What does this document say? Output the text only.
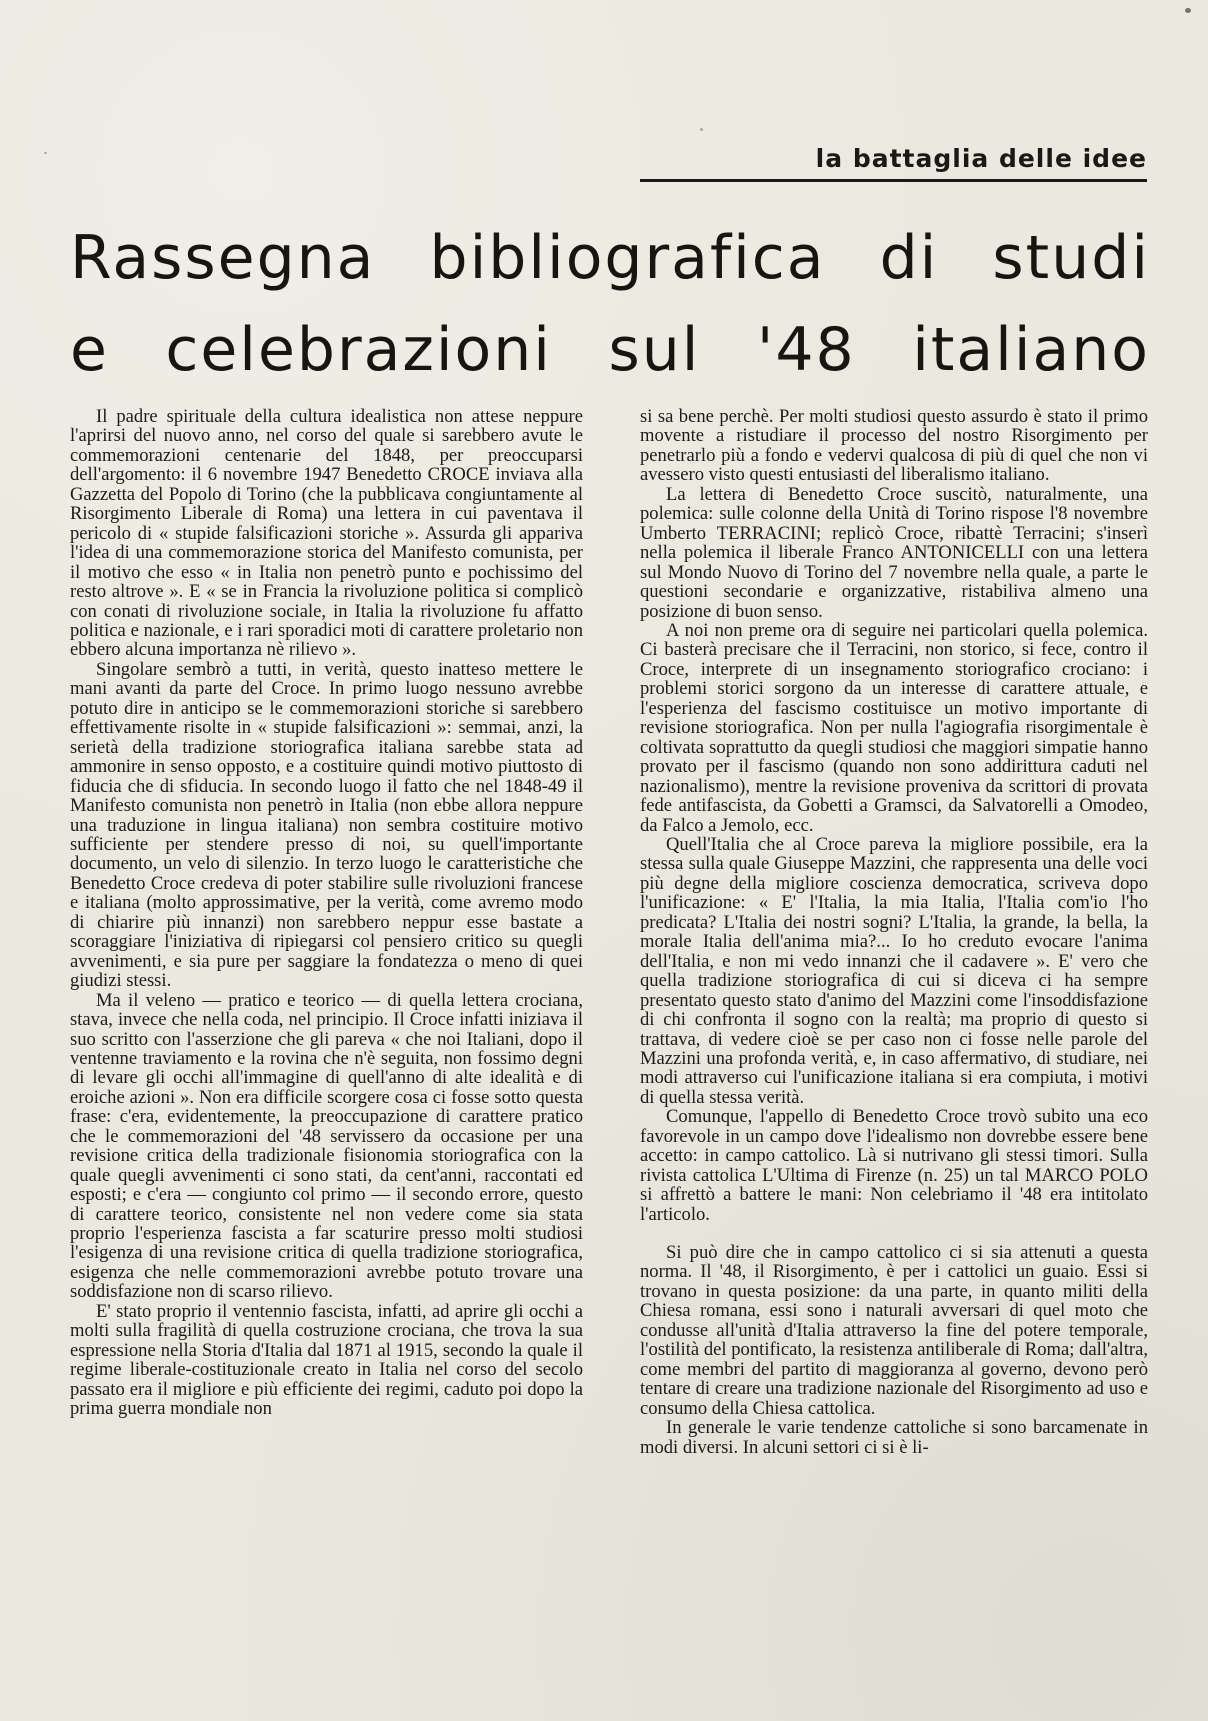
la battaglia delle idee
Rassegna bibliografica di studi
e celebrazioni sul '48 italiano

Il padre spirituale della cultura idealistica non attese neppure l'aprirsi del nuovo anno, nel corso del quale si sarebbero avute le commemorazioni centenarie del 1848, per preoccuparsi dell'argomento: il 6 novembre 1947 Benedetto CROCE inviava alla Gazzetta del Popolo di Torino (che la pubblicava congiuntamente al Risorgimento Liberale di Roma) una lettera in cui paventava il pericolo di « stupide falsificazioni storiche ». Assurda gli appariva l'idea di una commemorazione storica del Manifesto comunista, per il motivo che esso « in Italia non penetrò punto e pochissimo del resto altrove ». E « se in Francia la rivoluzione politica si complicò con conati di rivoluzione sociale, in Italia la rivoluzione fu affatto politica e nazionale, e i rari sporadici moti di carattere proletario non ebbero alcuna importanza nè rilievo ».

Singolare sembrò a tutti, in verità, questo inatteso mettere le mani avanti da parte del Croce. In primo luogo nessuno avrebbe potuto dire in anticipo se le commemorazioni storiche si sarebbero effettivamente risolte in « stupide falsificazioni »: semmai, anzi, la serietà della tradizione storiografica italiana sarebbe stata ad ammonire in senso opposto, e a costituire quindi motivo piuttosto di fiducia che di sfiducia. In secondo luogo il fatto che nel 1848-49 il Manifesto comunista non penetrò in Italia (non ebbe allora neppure una traduzione in lingua italiana) non sembra costituire motivo sufficiente per stendere presso di noi, su quell'importante documento, un velo di silenzio. In terzo luogo le caratteristiche che Benedetto Croce credeva di poter stabilire sulle rivoluzioni francese e italiana (molto approssimative, per la verità, come avremo modo di chiarire più innanzi) non sarebbero neppur esse bastate a scoraggiare l'iniziativa di ripiegarsi col pensiero critico su quegli avvenimenti, e sia pure per saggiare la fondatezza o meno di quei giudizi stessi.

Ma il veleno — pratico e teorico — di quella lettera crociana, stava, invece che nella coda, nel principio. Il Croce infatti iniziava il suo scritto con l'asserzione che gli pareva « che noi Italiani, dopo il ventenne traviamento e la rovina che n'è seguita, non fossimo degni di levare gli occhi all'immagine di quell'anno di alte idealità e di eroiche azioni ». Non era difficile scorgere cosa ci fosse sotto questa frase: c'era, evidentemente, la preoccupazione di carattere pratico che le commemorazioni del '48 servissero da occasione per una revisione critica della tradizionale fisionomia storiografica con la quale quegli avvenimenti ci sono stati, da cent'anni, raccontati ed esposti; e c'era — congiunto col primo — il secondo errore, questo di carattere teorico, consistente nel non vedere come sia stata proprio l'esperienza fascista a far scaturire presso molti studiosi l'esigenza di una revisione critica di quella tradizione storiografica, esigenza che nelle commemorazioni avrebbe potuto trovare una soddisfazione non di scarso rilievo.

E' stato proprio il ventennio fascista, infatti, ad aprire gli occhi a molti sulla fragilità di quella costruzione crociana, che trova la sua espressione nella Storia d'Italia dal 1871 al 1915, secondo la quale il regime liberale-costituzionale creato in Italia nel corso del secolo passato era il migliore e più efficiente dei regimi, caduto poi dopo la prima guerra mondiale non

si sa bene perchè. Per molti studiosi questo assurdo è stato il primo movente a ristudiare il processo del nostro Risorgimento per penetrarlo più a fondo e vedervi qualcosa di più di quel che non vi avessero visto questi entusiasti del liberalismo italiano.

La lettera di Benedetto Croce suscitò, naturalmente, una polemica: sulle colonne della Unità di Torino rispose l'8 novembre Umberto TERRACINI; replicò Croce, ribattè Terracini; s'inserì nella polemica il liberale Franco ANTONICELLI con una lettera sul Mondo Nuovo di Torino del 7 novembre nella quale, a parte le questioni secondarie e organizzative, ristabiliva almeno una posizione di buon senso.

A noi non preme ora di seguire nei particolari quella polemica. Ci basterà precisare che il Terracini, non storico, si fece, contro il Croce, interprete di un insegnamento storiografico crociano: i problemi storici sorgono da un interesse di carattere attuale, e l'esperienza del fascismo costituisce un motivo importante di revisione storiografica. Non per nulla l'agiografia risorgimentale è coltivata soprattutto da quegli studiosi che maggiori simpatie hanno provato per il fascismo (quando non sono addirittura caduti nel nazionalismo), mentre la revisione proveniva da scrittori di provata fede antifascista, da Gobetti a Gramsci, da Salvatorelli a Omodeo, da Falco a Jemolo, ecc.

Quell'Italia che al Croce pareva la migliore possibile, era la stessa sulla quale Giuseppe Mazzini, che rappresenta una delle voci più degne della migliore coscienza democratica, scriveva dopo l'unificazione: « E' l'Italia, la mia Italia, l'Italia com'io l'ho predicata? L'Italia dei nostri sogni? L'Italia, la grande, la bella, la morale Italia dell'anima mia?... Io ho creduto evocare l'anima dell'Italia, e non mi vedo innanzi che il cadavere ». E' vero che quella tradizione storiografica di cui si diceva ci ha sempre presentato questo stato d'animo del Mazzini come l'insoddisfazione di chi confronta il sogno con la realtà; ma proprio di questo si trattava, di vedere cioè se per caso non ci fosse nelle parole del Mazzini una profonda verità, e, in caso affermativo, di studiare, nei modi attraverso cui l'unificazione italiana si era compiuta, i motivi di quella stessa verità.

Comunque, l'appello di Benedetto Croce trovò subito una eco favorevole in un campo dove l'idealismo non dovrebbe essere bene accetto: in campo cattolico. Là si nutrivano gli stessi timori. Sulla rivista cattolica L'Ultima di Firenze (n. 25) un tal MARCO POLO si affrettò a battere le mani: Non celebriamo il '48 era intitolato l'articolo.

Si può dire che in campo cattolico ci si sia attenuti a questa norma. Il '48, il Risorgimento, è per i cattolici un guaio. Essi si trovano in questa posizione: da una parte, in quanto militi della Chiesa romana, essi sono i naturali avversari di quel moto che condusse all'unità d'Italia attraverso la fine del potere temporale, l'ostilità del pontificato, la resistenza antiliberale di Roma; dall'altra, come membri del partito di maggioranza al governo, devono però tentare di creare una tradizione nazionale del Risorgimento ad uso e consumo della Chiesa cattolica.

In generale le varie tendenze cattoliche si sono barcamenate in modi diversi. In alcuni settori ci si è li-
